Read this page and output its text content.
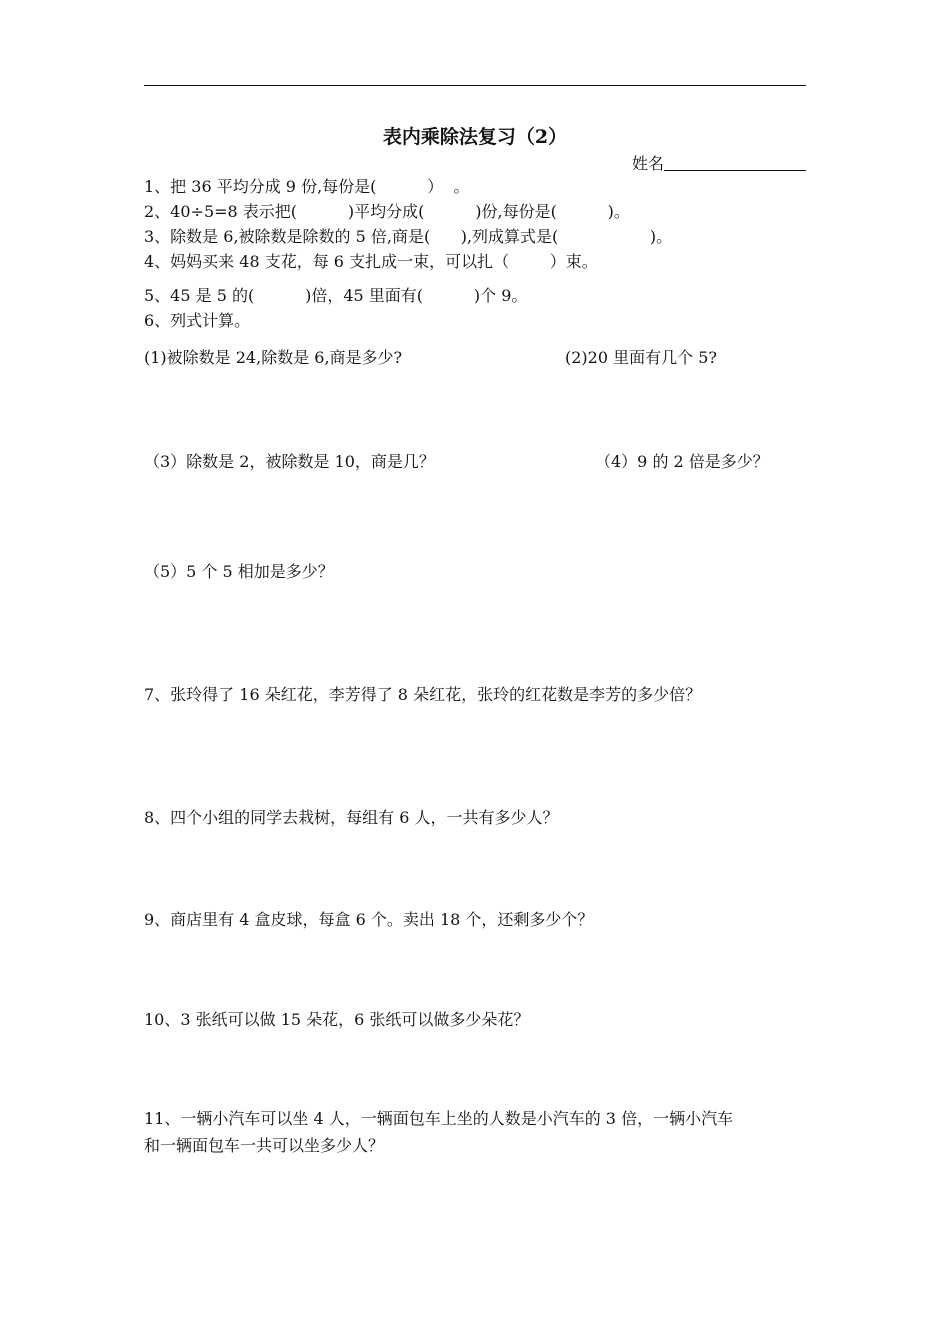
表内乘除法复习（2）
姓名
1、把 36 平均分成 9 份,每份是(          ）  。
2、40÷5=8 表示把(          )平均分成(          )份,每份是(          )。
3、除数是 6,被除数是除数的 5 倍,商是(      ),列成算式是(                  )。
4、妈妈买来 48 支花，每 6 支扎成一束，可以扎（        ）束。
5、45 是 5 的(          )倍，45 里面有(          )个 9。
6、列式计算。
(1)被除数是 24,除数是 6,商是多少?	(2)20 里面有几个 5?
（3）除数是 2，被除数是 10，商是几？	（4）9 的 2 倍是多少？
（5）5 个 5 相加是多少？
7、张玲得了 16 朵红花，李芳得了 8 朵红花，张玲的红花数是李芳的多少倍？
8、四个小组的同学去栽树，每组有 6 人，一共有多少人？
9、商店里有 4 盒皮球，每盒 6 个。卖出 18 个，还剩多少个？
10、3 张纸可以做 15 朵花，6 张纸可以做多少朵花？
11、一辆小汽车可以坐 4 人，一辆面包车上坐的人数是小汽车的 3 倍，一辆小汽车
和一辆面包车一共可以坐多少人？
